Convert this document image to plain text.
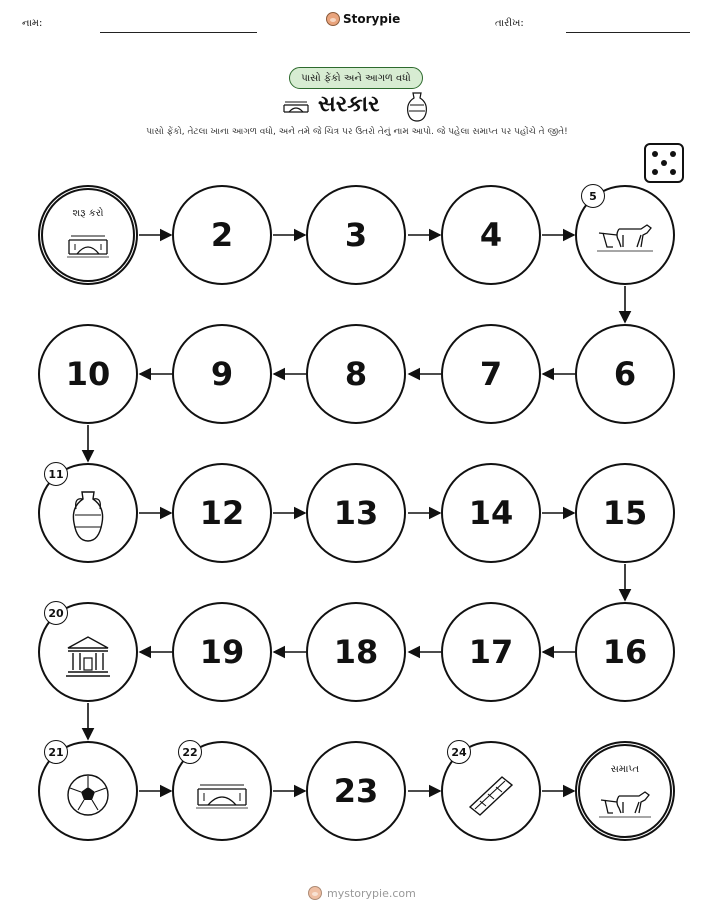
નામ:	Storypie	તારીખ:
પાસો ફેંકો અને આગળ વધો
સરકાર
પાસો ફેંકો, તેટલા ખાના આગળ વધો, અને તમે જે ચિત્ર પર ઉતરો તેનું નામ આપો. જે પહેલા સમાપ્ત પર પહોંચે તે જીતે!
શરૂ કરો
2	3	4
5
6
7
8
9
10
11
12	13	14	15
16
17
18
19
20
21	22
23
24
સમાપ્ત
mystorypie.com
